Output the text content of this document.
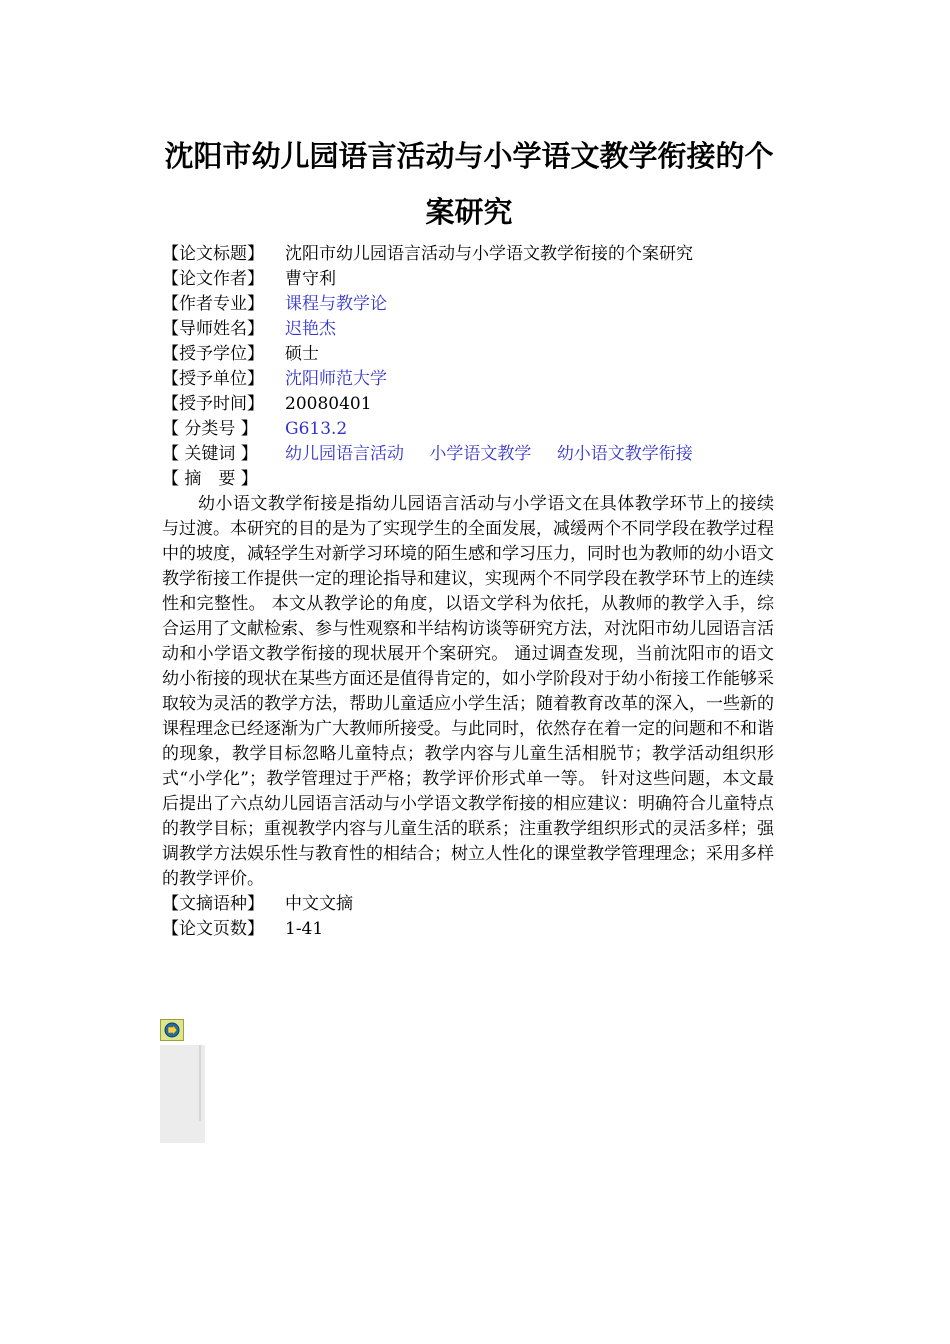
沈阳市幼儿园语言活动与小学语文教学衔接的个案研究
【论文标题】	沈阳市幼儿园语言活动与小学语文教学衔接的个案研究
【论文作者】	曹守利
【作者专业】	课程与教学论
【导师姓名】	迟艳杰
【授予学位】	硕士
【授予单位】	沈阳师范大学
【授予时间】	20080401
【 分类号 】	G613.2
【 关键词 】	幼儿园语言活动 小学语文教学 幼小语文教学衔接
【 摘　要 】

幼小语文教学衔接是指幼儿园语言活动与小学语文在具体教学环节上的接续与过渡。本研究的目的是为了实现学生的全面发展，减缓两个不同学段在教学过程中的坡度，减轻学生对新学习环境的陌生感和学习压力，同时也为教师的幼小语文教学衔接工作提供一定的理论指导和建议，实现两个不同学段在教学环节上的连续性和完整性。 本文从教学论的角度，以语文学科为依托，从教师的教学入手，综合运用了文献检索、参与性观察和半结构访谈等研究方法，对沈阳市幼儿园语言活动和小学语文教学衔接的现状展开个案研究。 通过调查发现，当前沈阳市的语文幼小衔接的现状在某些方面还是值得肯定的，如小学阶段对于幼小衔接工作能够采取较为灵活的教学方法，帮助儿童适应小学生活；随着教育改革的深入，一些新的课程理念已经逐渐为广大教师所接受。与此同时，依然存在着一定的问题和不和谐的现象，教学目标忽略儿童特点；教学内容与儿童生活相脱节；教学活动组织形式“小学化”；教学管理过于严格；教学评价形式单一等。 针对这些问题，本文最后提出了六点幼儿园语言活动与小学语文教学衔接的相应建议：明确符合儿童特点的教学目标；重视教学内容与儿童生活的联系；注重教学组织形式的灵活多样；强调教学方法娱乐性与教育性的相结合；树立人性化的课堂教学管理理念；采用多样的教学评价。

【文摘语种】	中文文摘
【论文页数】	1-41
